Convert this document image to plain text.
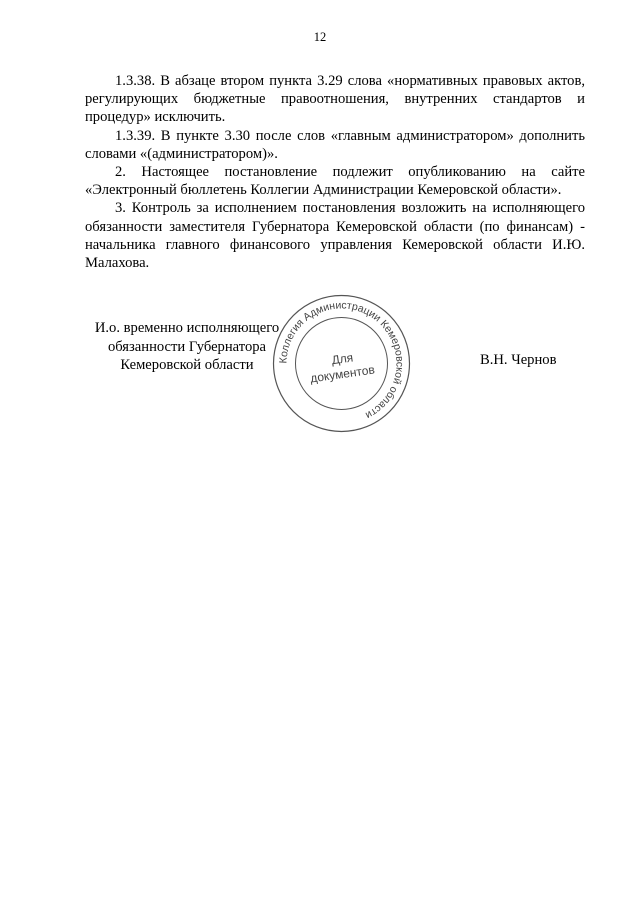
12

1.3.38. В абзаце втором пункта 3.29 слова «нормативных правовых актов, регулирующих бюджетные правоотношения, внутренних стандартов и процедур» исключить.

1.3.39. В пункте 3.30 после слов «главным администратором» дополнить словами «(администратором)».

2. Настоящее постановление подлежит опубликованию на сайте «Электронный бюллетень Коллегии Администрации Кемеровской области».

3. Контроль за исполнением постановления возложить на исполняющего обязанности заместителя Губернатора Кемеровской области (по финансам) - начальника главного финансового управления Кемеровской области И.Ю. Малахова.

И.о. временно исполняющего
обязанности Губернатора
Кемеровской области	Коллегия Администрации Кемеровской области
Для
документов
В.Н. Чернов
